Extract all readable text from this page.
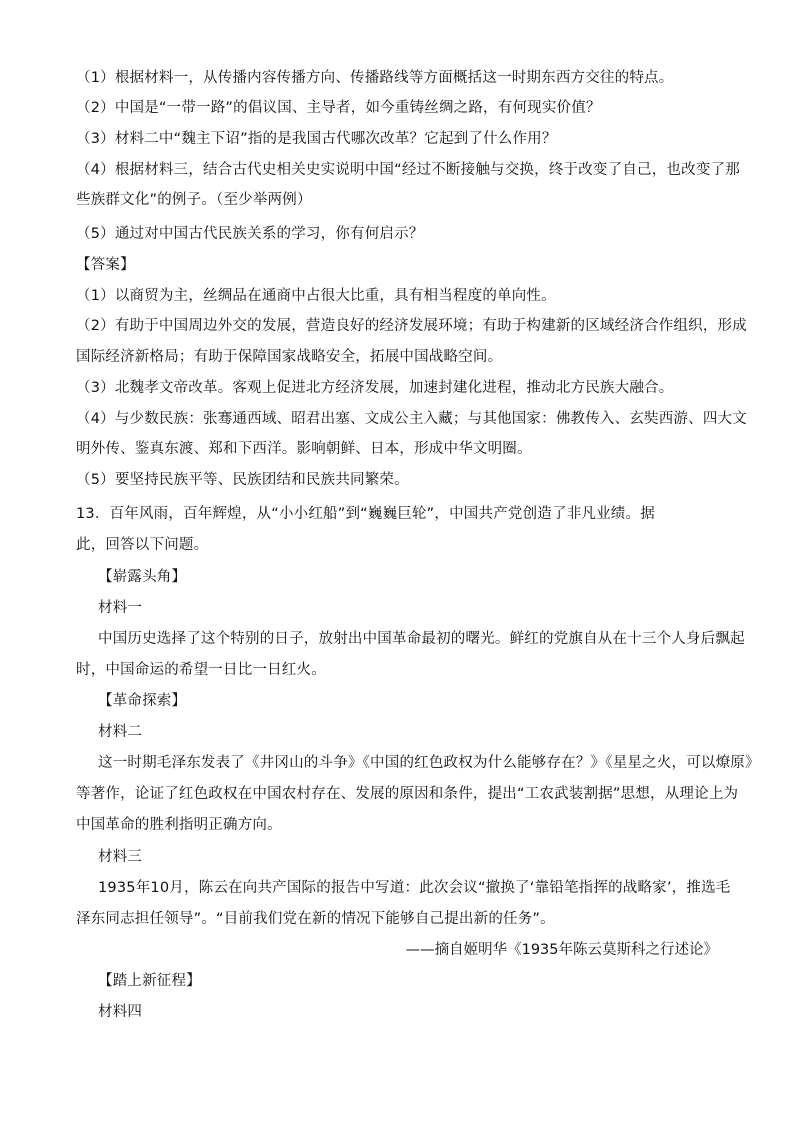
（1）根据材料一，从传播内容传播方向、传播路线等方面概括这一时期东西方交往的特点。
（2）中国是“一带一路”的倡议国、主导者，如今重铸丝绸之路，有何现实价值？
（3）材料二中“魏主下诏”指的是我国古代哪次改革？它起到了什么作用？
（4）根据材料三，结合古代史相关史实说明中国“经过不断接触与交换，终于改变了自己，也改变了那
些族群文化”的例子。（至少举两例）
（5）通过对中国古代民族关系的学习，你有何启示？
【答案】
（1）以商贸为主，丝绸品在通商中占很大比重，具有相当程度的单向性。
（2）有助于中国周边外交的发展，营造良好的经济发展环境；有助于构建新的区域经济合作组织，形成
国际经济新格局；有助于保障国家战略安全，拓展中国战略空间。
（3）北魏孝文帝改革。客观上促进北方经济发展，加速封建化进程，推动北方民族大融合。
（4）与少数民族：张骞通西域、昭君出塞、文成公主入藏；与其他国家：佛教传入、玄奘西游、四大文
明外传、鉴真东渡、郑和下西洋。影响朝鲜、日本，形成中华文明圈。
（5）要坚持民族平等、民族团结和民族共同繁荣。
13．百年风雨，百年辉煌，从“小小红船”到“巍巍巨轮”，中国共产党创造了非凡业绩。据
此，回答以下问题。
【崭露头角】
材料一
中国历史选择了这个特别的日子，放射出中国革命最初的曙光。鲜红的党旗自从在十三个人身后飘起
时，中国命运的希望一日比一日红火。
【革命探索】
材料二
这一时期毛泽东发表了《井冈山的斗争》《中国的红色政权为什么能够存在？》《星星之火，可以燎原》
等著作，论证了红色政权在中国农村存在、发展的原因和条件，提出“工农武装割据”思想，从理论上为
中国革命的胜利指明正确方向。
材料三
1935年10月，陈云在向共产国际的报告中写道：此次会议“撤换了‘靠铅笔指挥的战略家’，推选毛
泽东同志担任领导”。“目前我们党在新的情况下能够自己提出新的任务”。
——摘自姬明华《1935年陈云莫斯科之行述论》
【踏上新征程】
材料四
